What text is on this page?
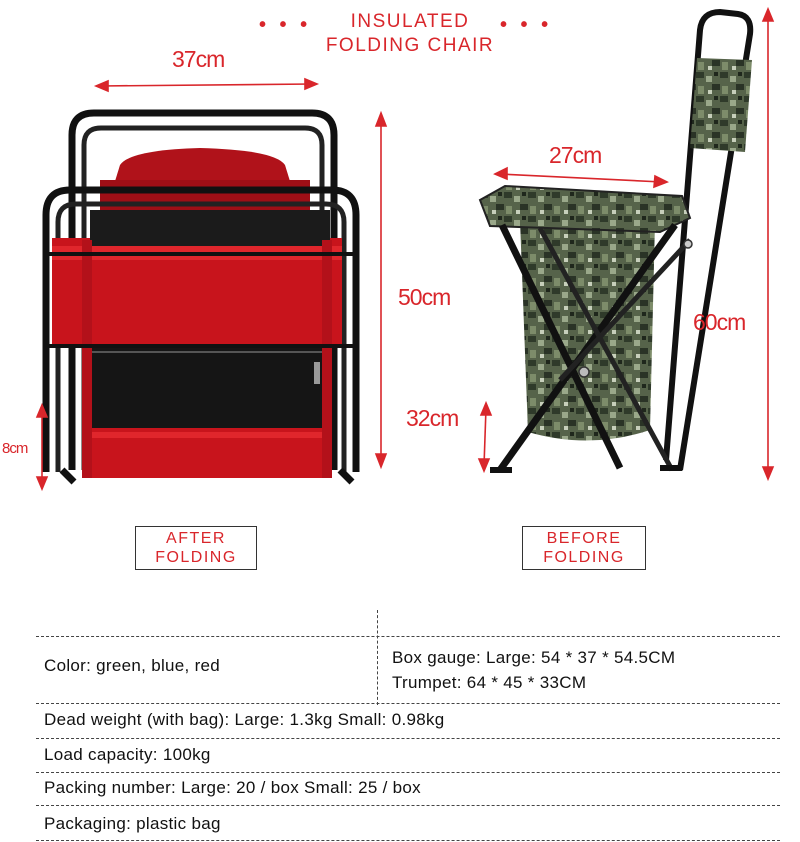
• • •	• • •
INSULATED
FOLDING CHAIR
37cm
50cm
8cm
27cm
32cm
60cm
AFTER
FOLDING
BEFORE
FOLDING
Color: green, blue, red	Box gauge: Large: 54 * 37 * 54.5CM
Trumpet: 64 * 45 * 33CM
Dead weight (with bag): Large: 1.3kg Small: 0.98kg
Load capacity: 100kg
Packing number: Large: 20 / box Small: 25 / box
Packaging: plastic bag
